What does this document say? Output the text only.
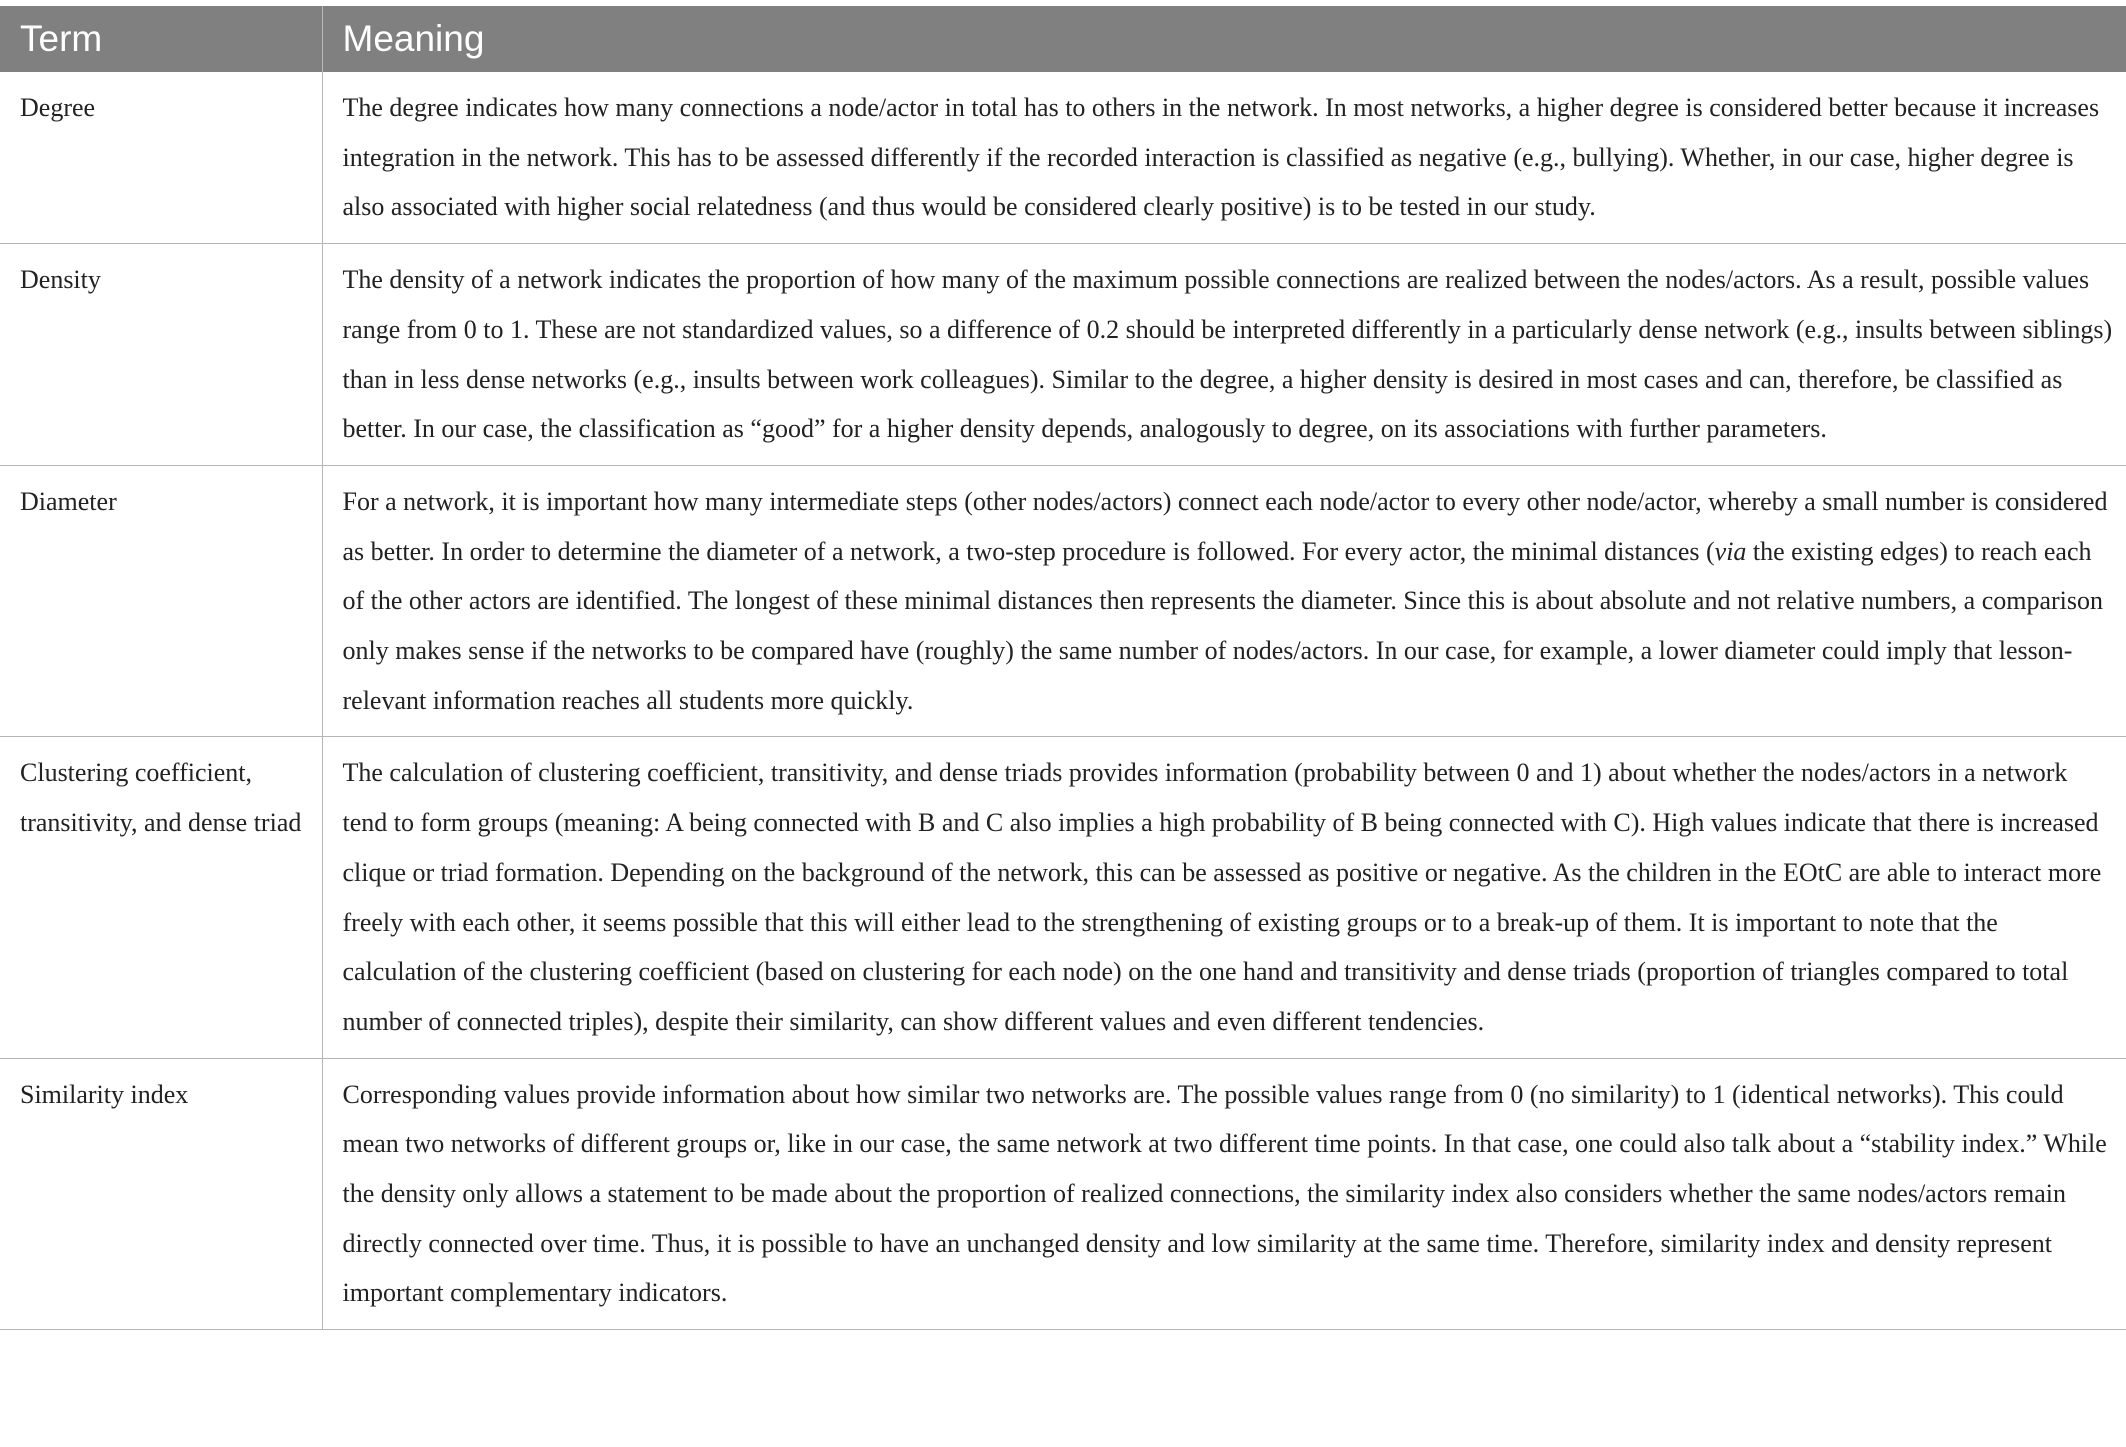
Term	Meaning
Degree	The degree indicates how many connections a node/actor in total has to others in the network. In most networks, a higher degree is considered better because it increases integration in the network. This has to be assessed differently if the recorded interaction is classified as negative (e.g., bullying). Whether, in our case, higher degree is also associated with higher social relatedness (and thus would be considered clearly positive) is to be tested in our study.
Density	The density of a network indicates the proportion of how many of the maximum possible connections are realized between the nodes/actors. As a result, possible values range from 0 to 1. These are not standardized values, so a difference of 0.2 should be interpreted differently in a particularly dense network (e.g., insults between siblings) than in less dense networks (e.g., insults between work colleagues). Similar to the degree, a higher density is desired in most cases and can, therefore, be classified as better. In our case, the classification as “good” for a higher density depends, analogously to degree, on its associations with further parameters.
Diameter	For a network, it is important how many intermediate steps (other nodes/actors) connect each node/actor to every other node/actor, whereby a small number is considered as better. In order to determine the diameter of a network, a two-step procedure is followed. For every actor, the minimal distances (via the existing edges) to reach each of the other actors are identified. The longest of these minimal distances then represents the diameter. Since this is about absolute and not relative numbers, a comparison only makes sense if the networks to be compared have (roughly) the same number of nodes/actors. In our case, for example, a lower diameter could imply that lesson-relevant information reaches all students more quickly.
Clustering coefficient, transitivity, and dense triad	The calculation of clustering coefficient, transitivity, and dense triads provides information (probability between 0 and 1) about whether the nodes/actors in a network tend to form groups (meaning: A being connected with B and C also implies a high probability of B being connected with C). High values indicate that there is increased clique or triad formation. Depending on the background of the network, this can be assessed as positive or negative. As the children in the EOtC are able to interact more freely with each other, it seems possible that this will either lead to the strengthening of existing groups or to a break-up of them. It is important to note that the calculation of the clustering coefficient (based on clustering for each node) on the one hand and transitivity and dense triads (proportion of triangles compared to total number of connected triples), despite their similarity, can show different values and even different tendencies.
Similarity index	Corresponding values provide information about how similar two networks are. The possible values range from 0 (no similarity) to 1 (identical networks). This could mean two networks of different groups or, like in our case, the same network at two different time points. In that case, one could also talk about a “stability index.” While the density only allows a statement to be made about the proportion of realized connections, the similarity index also considers whether the same nodes/actors remain directly connected over time. Thus, it is possible to have an unchanged density and low similarity at the same time. Therefore, similarity index and density represent important complementary indicators.
